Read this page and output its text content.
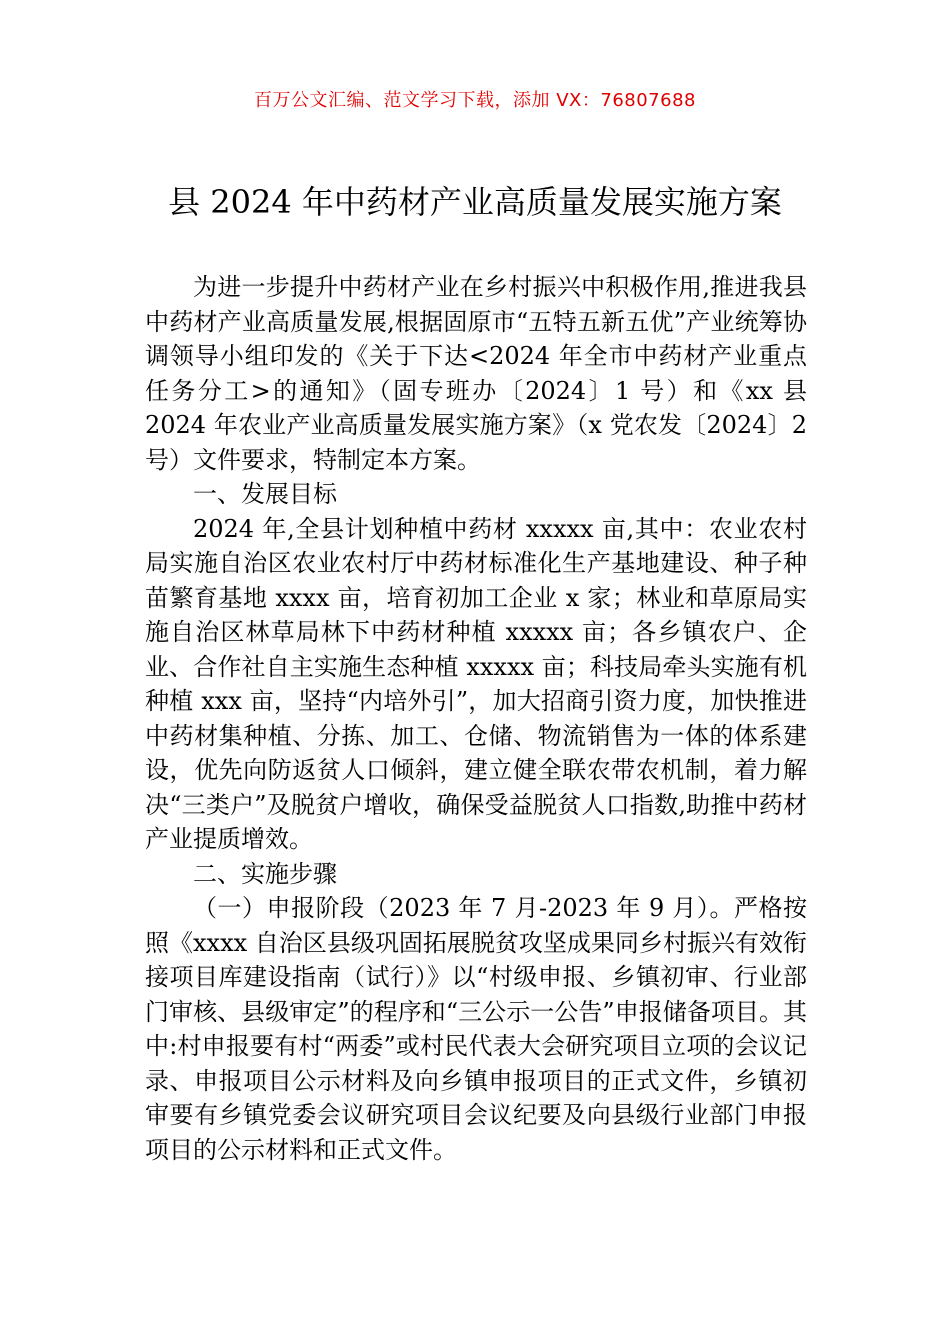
百万公文汇编、范文学习下载，添加 VX：76807688
县 2024 年中药材产业高质量发展实施方案

为进一步提升中药材产业在乡村振兴中积极作用,推进我县中药材产业高质量发展,根据固原市“五特五新五优”产业统筹协调领导小组印发的《关于下达<2024 年全市中药材产业重点任务分工>的通知》（固专班办〔2024〕1 号）和《xx 县 2024 年农业产业高质量发展实施方案》（x 党农发〔2024〕2 号）文件要求，特制定本方案。

一、发展目标

2024 年,全县计划种植中药材 xxxxx 亩,其中：农业农村局实施自治区农业农村厅中药材标准化生产基地建设、种子种苗繁育基地 xxxx 亩，培育初加工企业 x 家；林业和草原局实施自治区林草局林下中药材种植 xxxxx 亩；各乡镇农户、企业、合作社自主实施生态种植 xxxxx 亩；科技局牵头实施有机种植 xxx 亩，坚持“内培外引”，加大招商引资力度，加快推进中药材集种植、分拣、加工、仓储、物流销售为一体的体系建设，优先向防返贫人口倾斜，建立健全联农带农机制，着力解决“三类户”及脱贫户增收，确保受益脱贫人口指数,助推中药材产业提质增效。

二、实施步骤

（一）申报阶段（2023 年 7 月-2023 年 9 月）。严格按照《xxxx 自治区县级巩固拓展脱贫攻坚成果同乡村振兴有效衔接项目库建设指南（试行）》以“村级申报、乡镇初审、行业部门审核、县级审定”的程序和“三公示一公告”申报储备项目。其中:村申报要有村“两委”或村民代表大会研究项目立项的会议记录、申报项目公示材料及向乡镇申报项目的正式文件，乡镇初审要有乡镇党委会议研究项目会议纪要及向县级行业部门申报项目的公示材料和正式文件。
